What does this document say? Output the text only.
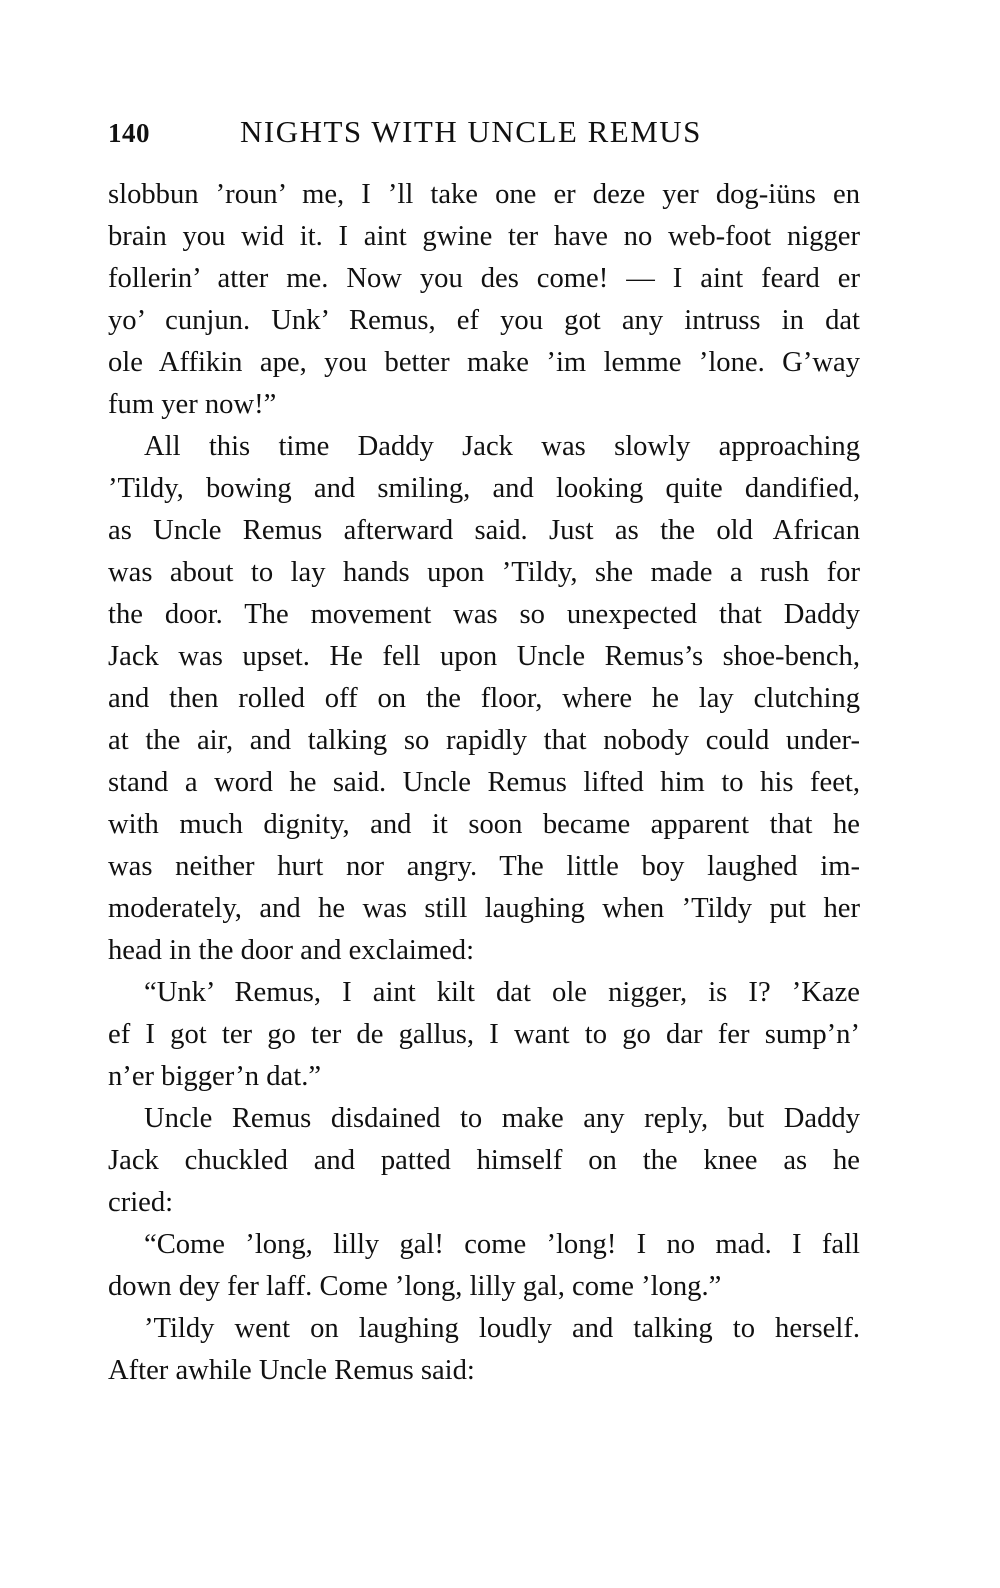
140	NIGHTS WITH UNCLE REMUS

slobbun ’roun’ me, I ’ll take one er deze yer dog-iüns en
brain you wid it. I aint gwine ter have no web-foot nigger
follerin’ atter me. Now you des come! — I aint feard er
yo’ cunjun. Unk’ Remus, ef you got any intruss in dat
ole Affikin ape, you better make ’im lemme ’lone. G’way
fum yer now!”

All this time Daddy Jack was slowly approaching
’Tildy, bowing and smiling, and looking quite dandified,
as Uncle Remus afterward said. Just as the old African
was about to lay hands upon ’Tildy, she made a rush for
the door. The movement was so unexpected that Daddy
Jack was upset. He fell upon Uncle Remus’s shoe-bench,
and then rolled off on the floor, where he lay clutching
at the air, and talking so rapidly that nobody could under-
stand a word he said. Uncle Remus lifted him to his feet,
with much dignity, and it soon became apparent that he
was neither hurt nor angry. The little boy laughed im-
moderately, and he was still laughing when ’Tildy put her
head in the door and exclaimed:

“Unk’ Remus, I aint kilt dat ole nigger, is I? ’Kaze
ef I got ter go ter de gallus, I want to go dar fer sump’n’
n’er bigger’n dat.”

Uncle Remus disdained to make any reply, but Daddy
Jack chuckled and patted himself on the knee as he
cried:

“Come ’long, lilly gal! come ’long! I no mad. I fall
down dey fer laff. Come ’long, lilly gal, come ’long.”

’Tildy went on laughing loudly and talking to herself.
After awhile Uncle Remus said:
